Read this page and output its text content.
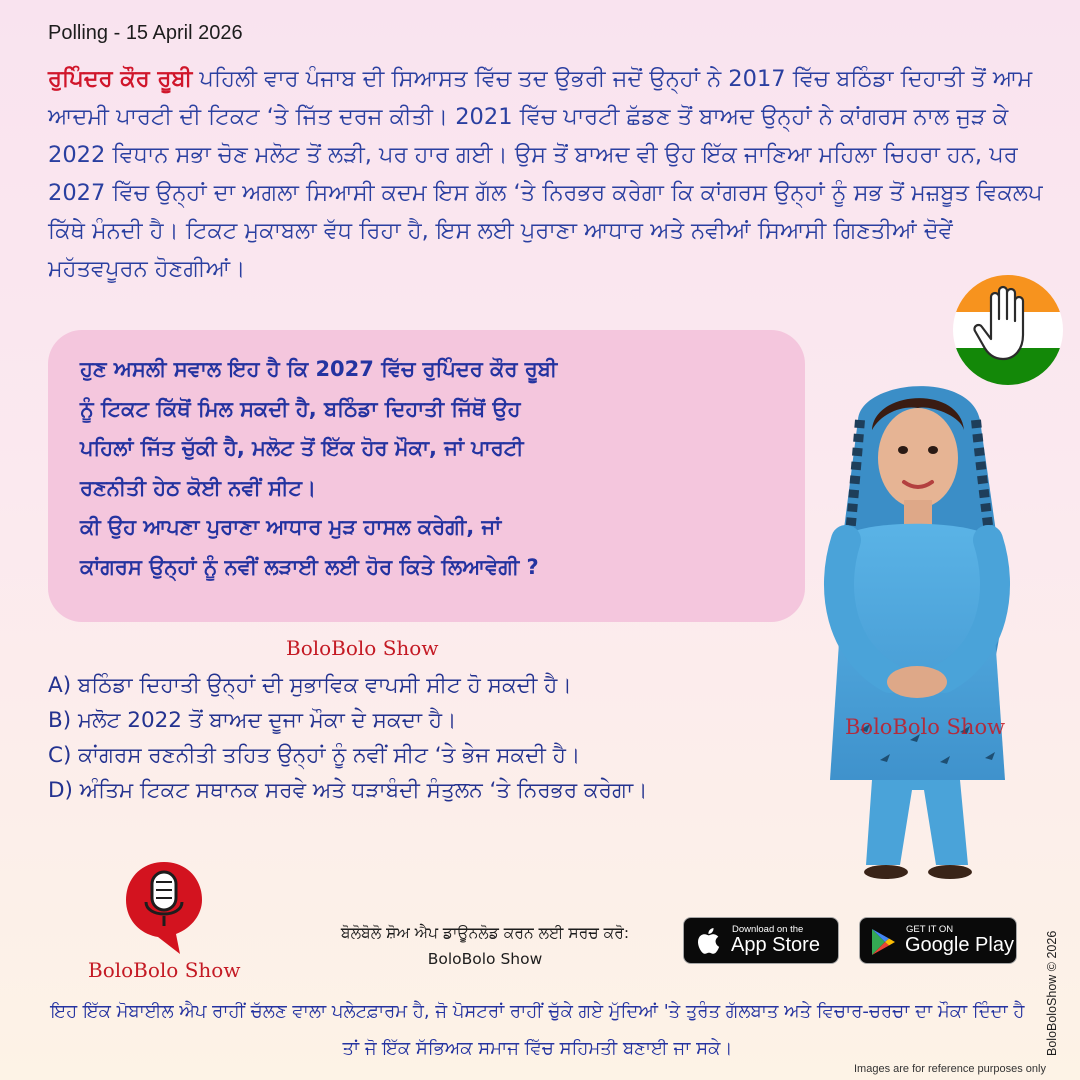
Polling - 15 April 2026
ਰੁਪਿੰਦਰ ਕੌਰ ਰੂਬੀ ਪਹਿਲੀ ਵਾਰ ਪੰਜਾਬ ਦੀ ਸਿਆਸਤ ਵਿੱਚ ਤਦ ਉਭਰੀ ਜਦੋਂ ਉਨ੍ਹਾਂ ਨੇ 2017 ਵਿੱਚ ਬਠਿੰਡਾ ਦਿਹਾਤੀ ਤੋਂ ਆਮ ਆਦਮੀ ਪਾਰਟੀ ਦੀ ਟਿਕਟ ‘ਤੇ ਜਿੱਤ ਦਰਜ ਕੀਤੀ। 2021 ਵਿੱਚ ਪਾਰਟੀ ਛੱਡਣ ਤੋਂ ਬਾਅਦ ਉਨ੍ਹਾਂ ਨੇ ਕਾਂਗਰਸ ਨਾਲ ਜੁੜ ਕੇ 2022 ਵਿਧਾਨ ਸਭਾ ਚੋਣ ਮਲੋਟ ਤੋਂ ਲੜੀ, ਪਰ ਹਾਰ ਗਈ। ਉਸ ਤੋਂ ਬਾਅਦ ਵੀ ਉਹ ਇੱਕ ਜਾਣਿਆ ਮਹਿਲਾ ਚਿਹਰਾ ਹਨ, ਪਰ 2027 ਵਿੱਚ ਉਨ੍ਹਾਂ ਦਾ ਅਗਲਾ ਸਿਆਸੀ ਕਦਮ ਇਸ ਗੱਲ ‘ਤੇ ਨਿਰਭਰ ਕਰੇਗਾ ਕਿ ਕਾਂਗਰਸ ਉਨ੍ਹਾਂ ਨੂੰ ਸਭ ਤੋਂ ਮਜ਼ਬੂਤ ਵਿਕਲਪ ਕਿੱਥੇ ਮੰਨਦੀ ਹੈ। ਟਿਕਟ ਮੁਕਾਬਲਾ ਵੱਧ ਰਿਹਾ ਹੈ, ਇਸ ਲਈ ਪੁਰਾਣਾ ਆਧਾਰ ਅਤੇ ਨਵੀਆਂ ਸਿਆਸੀ ਗਿਣਤੀਆਂ ਦੋਵੇਂ ਮਹੱਤਵਪੂਰਨ ਹੋਣਗੀਆਂ।
ਹੁਣ ਅਸਲੀ ਸਵਾਲ ਇਹ ਹੈ ਕਿ 2027 ਵਿੱਚ ਰੁਪਿੰਦਰ ਕੌਰ ਰੂਬੀ
ਨੂੰ ਟਿਕਟ ਕਿੱਥੋਂ ਮਿਲ ਸਕਦੀ ਹੈ, ਬਠਿੰਡਾ ਦਿਹਾਤੀ ਜਿੱਥੋਂ ਉਹ
ਪਹਿਲਾਂ ਜਿੱਤ ਚੁੱਕੀ ਹੈ, ਮਲੋਟ ਤੋਂ ਇੱਕ ਹੋਰ ਮੌਕਾ, ਜਾਂ ਪਾਰਟੀ
ਰਣਨੀਤੀ ਹੇਠ ਕੋਈ ਨਵੀਂ ਸੀਟ।
ਕੀ ਉਹ ਆਪਣਾ ਪੁਰਾਣਾ ਆਧਾਰ ਮੁੜ ਹਾਸਲ ਕਰੇਗੀ, ਜਾਂ
ਕਾਂਗਰਸ ਉਨ੍ਹਾਂ ਨੂੰ ਨਵੀਂ ਲੜਾਈ ਲਈ ਹੋਰ ਕਿਤੇ ਲਿਆਵੇਗੀ ?
BoloBolo Show
A) ਬਠਿੰਡਾ ਦਿਹਾਤੀ ਉਨ੍ਹਾਂ ਦੀ ਸੁਭਾਵਿਕ ਵਾਪਸੀ ਸੀਟ ਹੋ ਸਕਦੀ ਹੈ।
B) ਮਲੋਟ 2022 ਤੋਂ ਬਾਅਦ ਦੂਜਾ ਮੌਕਾ ਦੇ ਸਕਦਾ ਹੈ।
C) ਕਾਂਗਰਸ ਰਣਨੀਤੀ ਤਹਿਤ ਉਨ੍ਹਾਂ ਨੂੰ ਨਵੀਂ ਸੀਟ ‘ਤੇ ਭੇਜ ਸਕਦੀ ਹੈ।
D) ਅੰਤਿਮ ਟਿਕਟ ਸਥਾਨਕ ਸਰਵੇ ਅਤੇ ਧੜਾਬੰਦੀ ਸੰਤੁਲਨ ‘ਤੇ ਨਿਰਭਰ ਕਰੇਗਾ।
BoloBolo Show
BoloBolo Show
ਬੋਲੋਬੋਲੋ ਸ਼ੋਅ ਐਪ ਡਾਊਨਲੋਡ ਕਰਨ ਲਈ ਸਰਚ ਕਰੋ:
BoloBolo Show
Download on the
App Store
GET IT ON
Google Play
ਇਹ ਇੱਕ ਮੋਬਾਈਲ ਐਪ ਰਾਹੀਂ ਚੱਲਣ ਵਾਲਾ ਪਲੇਟਫ਼ਾਰਮ ਹੈ, ਜੋ ਪੋਸਟਰਾਂ ਰਾਹੀਂ ਚੁੱਕੇ ਗਏ ਮੁੱਦਿਆਂ 'ਤੇ ਤੁਰੰਤ ਗੱਲਬਾਤ ਅਤੇ ਵਿਚਾਰ-ਚਰਚਾ ਦਾ ਮੌਕਾ ਦਿੰਦਾ ਹੈ ਤਾਂ ਜੋ ਇੱਕ ਸੱਭਿਅਕ ਸਮਾਜ ਵਿੱਚ ਸਹਿਮਤੀ ਬਣਾਈ ਜਾ ਸਕੇ।	BoloBoloShow © 2026
Images are for reference purposes only
